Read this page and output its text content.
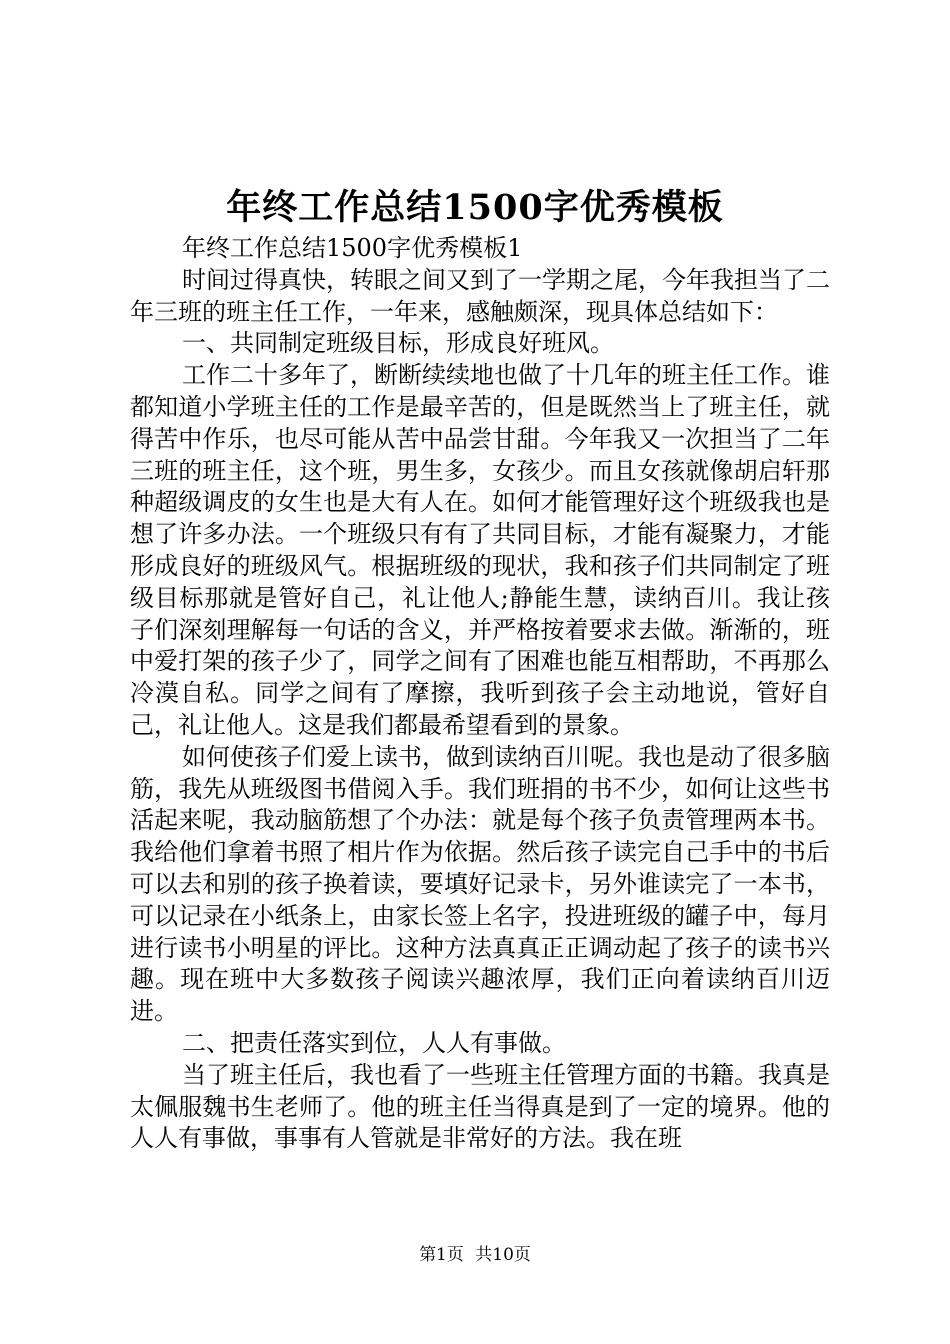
年终工作总结1500字优秀模板

年终工作总结1500字优秀模板1

时间过得真快，转眼之间又到了一学期之尾，今年我担当了二年三班的班主任工作，一年来，感触颇深，现具体总结如下：

一、共同制定班级目标，形成良好班风。

工作二十多年了，断断续续地也做了十几年的班主任工作。谁都知道小学班主任的工作是最辛苦的，但是既然当上了班主任，就得苦中作乐，也尽可能从苦中品尝甘甜。今年我又一次担当了二年三班的班主任，这个班，男生多，女孩少。而且女孩就像胡启轩那种超级调皮的女生也是大有人在。如何才能管理好这个班级我也是想了许多办法。一个班级只有有了共同目标，才能有凝聚力，才能形成良好的班级风气。根据班级的现状，我和孩子们共同制定了班级目标那就是管好自己，礼让他人;静能生慧，读纳百川。我让孩子们深刻理解每一句话的含义，并严格按着要求去做。渐渐的，班中爱打架的孩子少了，同学之间有了困难也能互相帮助，不再那么冷漠自私。同学之间有了摩擦，我听到孩子会主动地说，管好自己，礼让他人。这是我们都最希望看到的景象。

如何使孩子们爱上读书，做到读纳百川呢。我也是动了很多脑筋，我先从班级图书借阅入手。我们班捐的书不少，如何让这些书活起来呢，我动脑筋想了个办法：就是每个孩子负责管理两本书。我给他们拿着书照了相片作为依据。然后孩子读完自己手中的书后可以去和别的孩子换着读，要填好记录卡，另外谁读完了一本书，可以记录在小纸条上，由家长签上名字，投进班级的罐子中，每月进行读书小明星的评比。这种方法真真正正调动起了孩子的读书兴趣。现在班中大多数孩子阅读兴趣浓厚，我们正向着读纳百川迈进。

二、把责任落实到位，人人有事做。

当了班主任后，我也看了一些班主任管理方面的书籍。我真是太佩服魏书生老师了。他的班主任当得真是到了一定的境界。他的人人有事做，事事有人管就是非常好的方法。我在班

第1页 共10页
